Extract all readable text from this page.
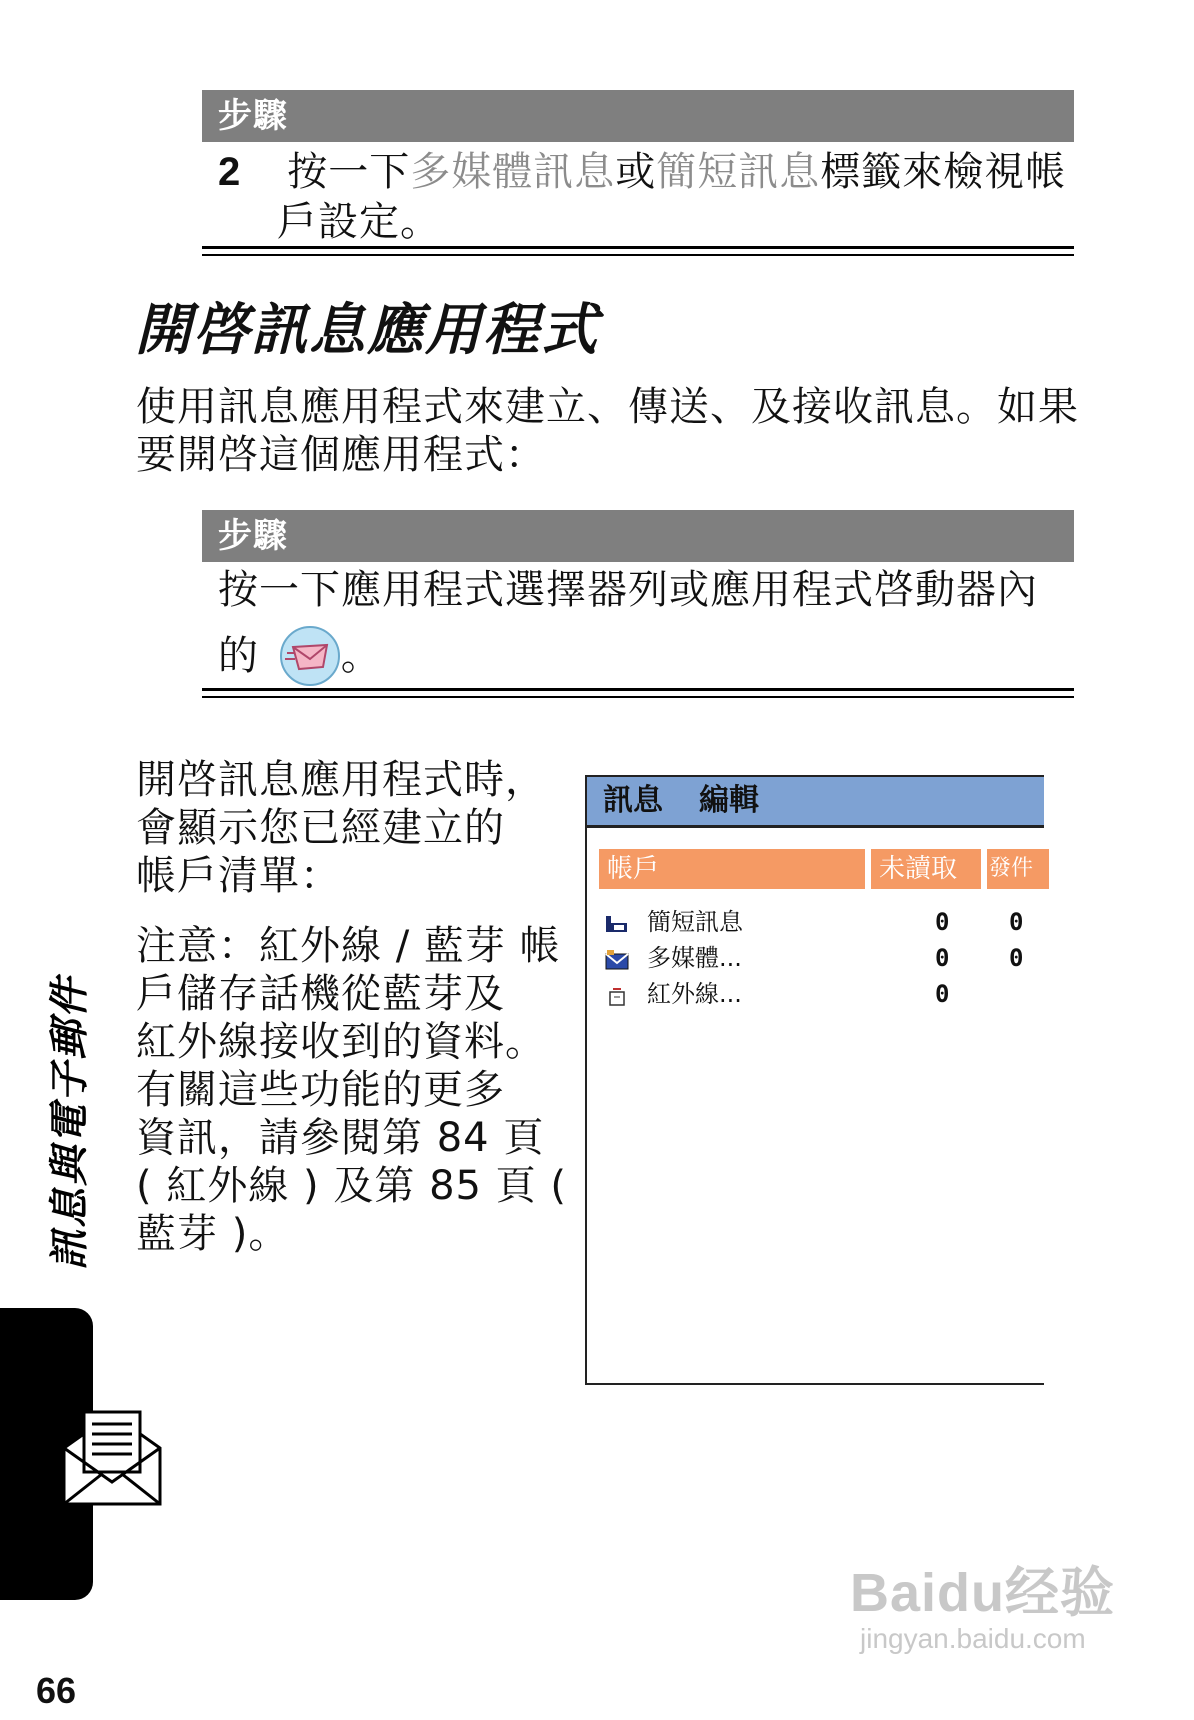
步驟
2 按一下多媒體訊息或簡短訊息標籤來檢視帳
戶設定。
開啓訊息應用程式
使用訊息應用程式來建立、傳送、及接收訊息。如果
要開啓這個應用程式：
步驟
按一下應用程式選擇器列或應用程式啓動器內
的 。
開啓訊息應用程式時，
會顯示您已經建立的
帳戶清單：
注意：紅外線 / 藍芽 帳
戶儲存話機從藍芽及
紅外線接收到的資料。
有關這些功能的更多
資訊，請參閱第 84 頁
( 紅外線 ) 及第 85 頁 (
藍芽 )。
訊息 編輯
帳戶	未讀取	發件箱
簡短訊息	0 0
多媒體...	0 0
紅外線...	0
訊息與電子郵件
66
Baidu经验
jingyan.baidu.com
